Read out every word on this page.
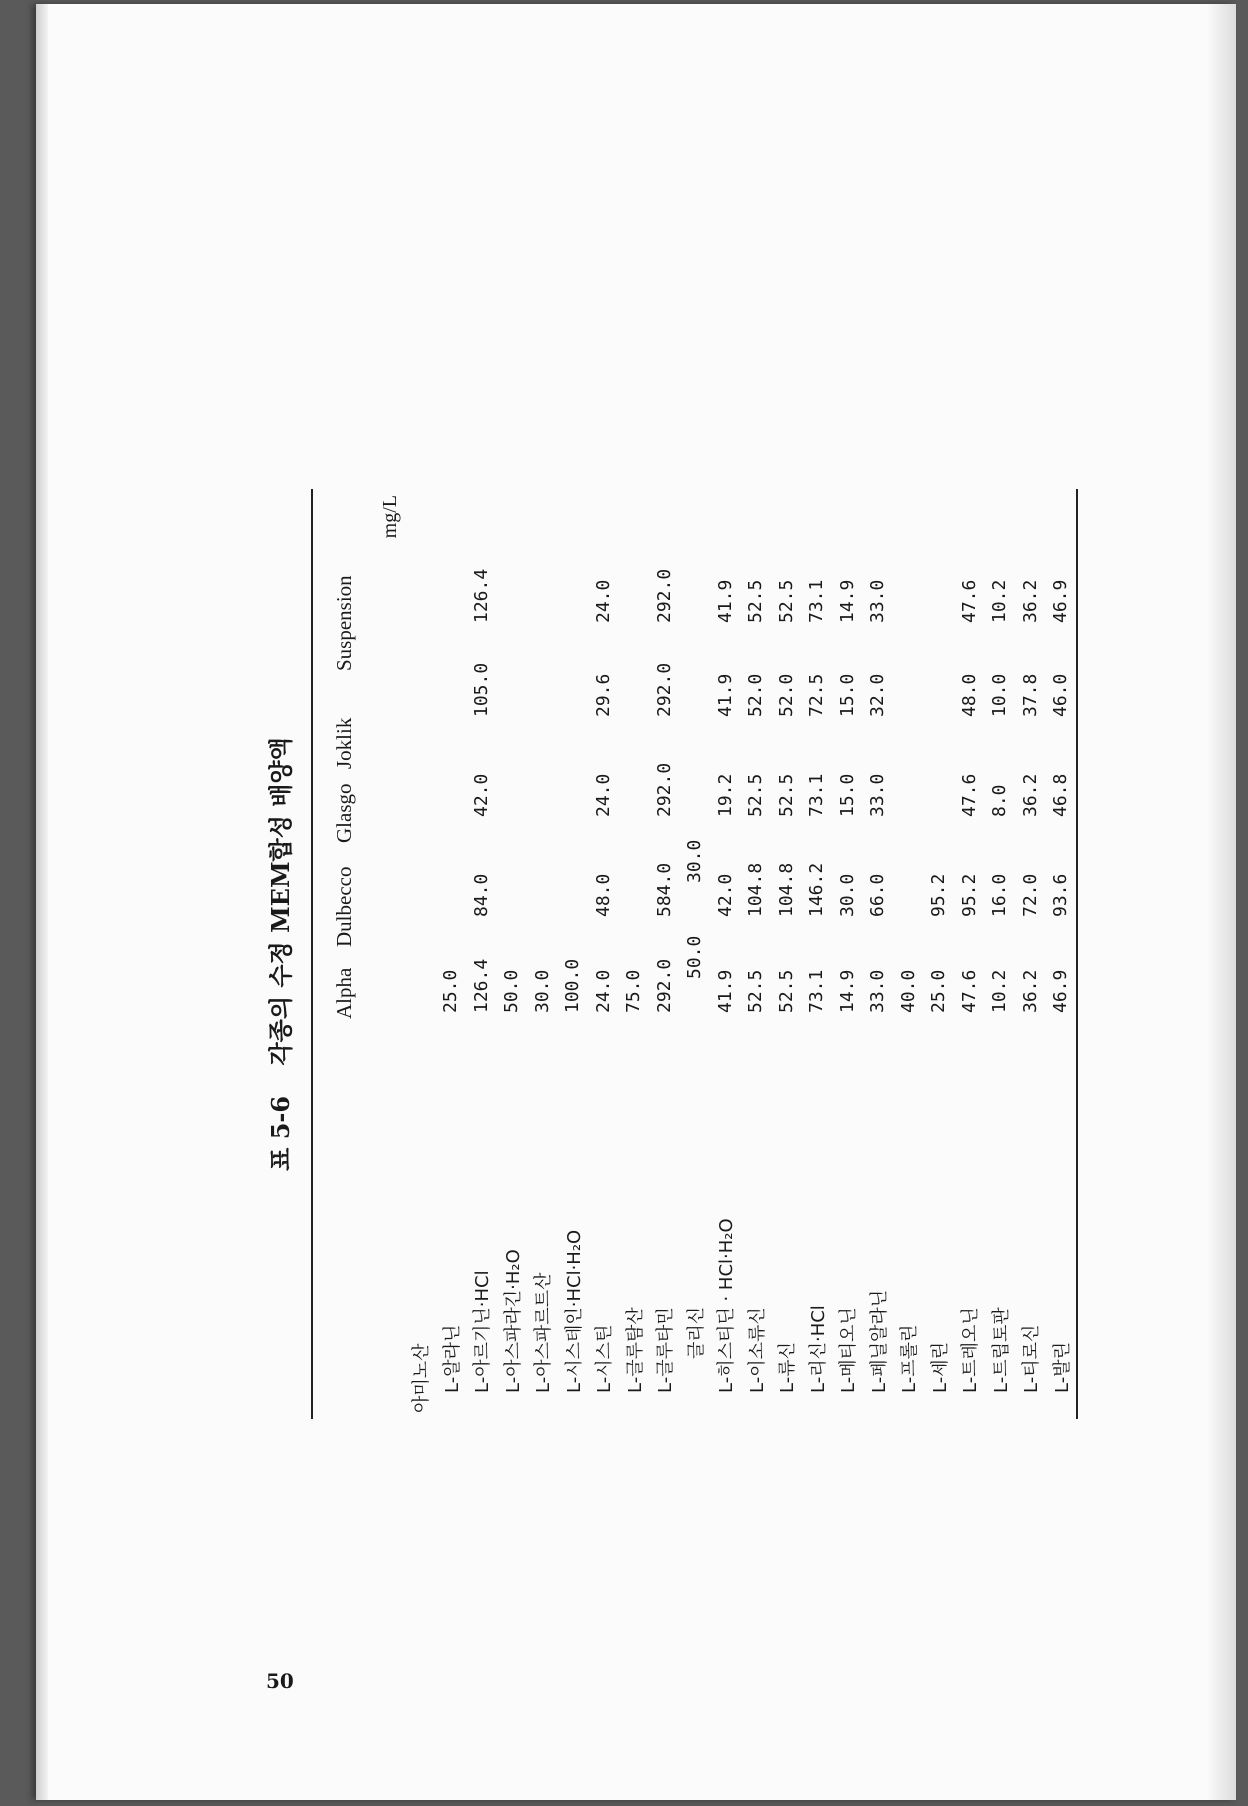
표 5-6 각종의 수정 MEM합성 배양액	Alpha
Dulbecco
Glasgo
Joklik
Suspension
mg/L
아미노산 L-알라닌
25.0
L-아르기닌·HCl
126.4
84.0
42.0
105.0
126.4
L-아스파라긴·H₂O
50.0
L-아스파르트산
30.0
L-시스테인·HCl·H₂O
100.0
L-시스틴
24.0
48.0
24.0
29.6
24.0
L-글루탐산
75.0
L-글루타민
292.0
584.0
292.0
292.0
292.0
글리신
50.0
30.0
L-히스티딘 · HCl·H₂O
41.9
42.0
19.2
41.9
41.9
L-이소류신
52.5
104.8
52.5
52.0
52.5
L-류신
52.5
104.8
52.5
52.0
52.5
L-리신·HCl
73.1
146.2
73.1
72.5
73.1
L-메티오닌
14.9
30.0
15.0
15.0
14.9
L-페닐알라닌
33.0
66.0
33.0
32.0
33.0
L-프롤린
40.0
L-세린
25.0
95.2
L-트레오닌
47.6
95.2
47.6
48.0
47.6
L-트립토판
10.2
16.0
8.0
10.0
10.2
L-티로신
36.2
72.0
36.2
37.8
36.2
L-발린
46.9
93.6
46.8
46.0
46.9
50
